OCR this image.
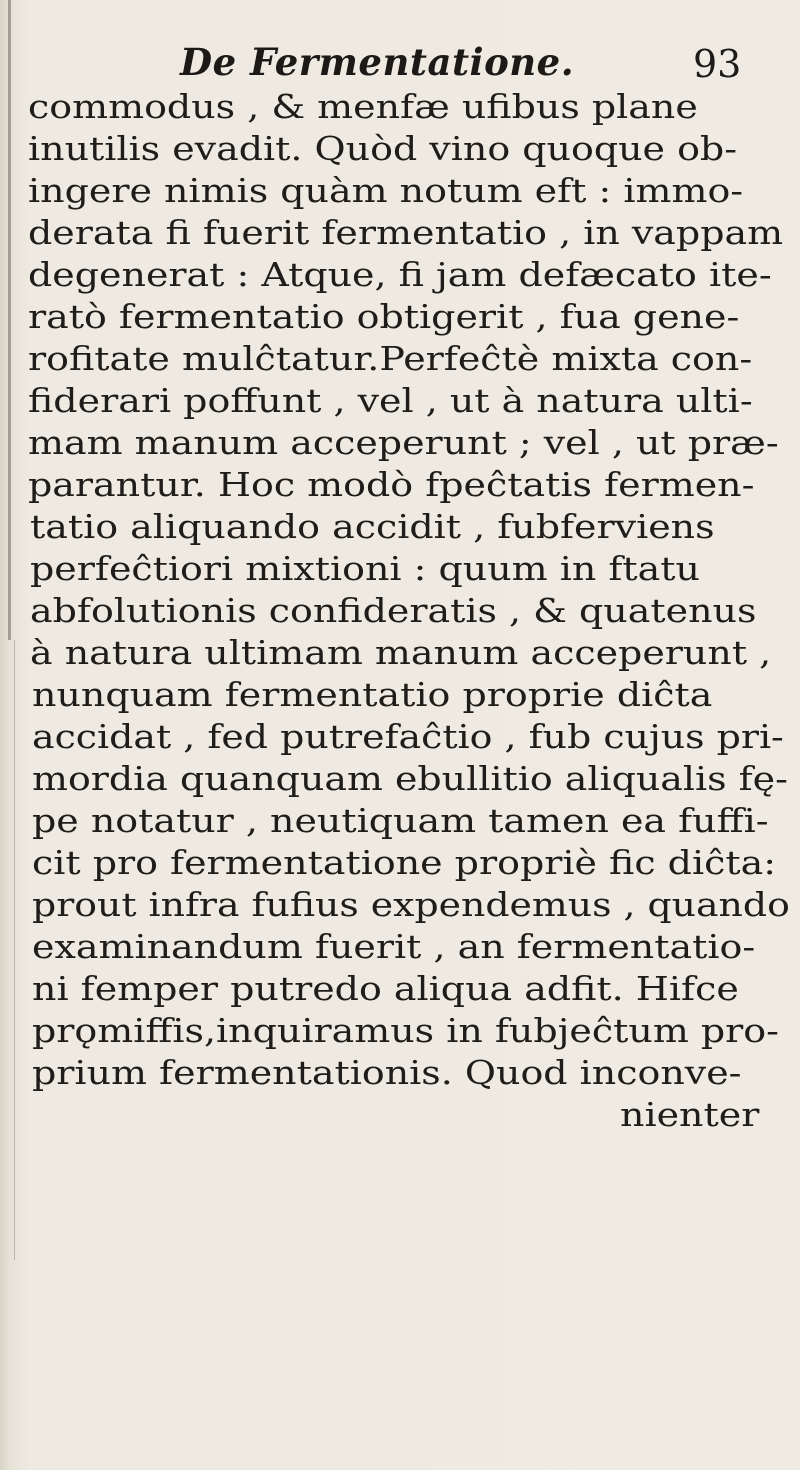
De Fermentatione.	93
commodus , & menfæ ufibus plane
inutilis evadit. Quòd vino quoque ob-
ingere nimis quàm notum eft : immo-
derata fi fuerit fermentatio , in vappam
degenerat : Atque, fi jam defæcato ite-
ratò fermentatio obtigerit , fua gene-
rofitate mulĉtatur.Perfeĉtè mixta con-
fiderari poffunt , vel , ut à natura ulti-
mam manum acceperunt ; vel , ut præ-
parantur. Hoc modò fpeĉtatis fermen-
tatio aliquando accidit , fubferviens
perfeĉtiori mixtioni : quum in ftatu
abfolutionis confideratis , & quatenus
à natura ultimam manum acceperunt ,
nunquam fermentatio proprie diĉta
accidat , fed putrefaĉtio , fub cujus pri-
mordia quanquam ebullitio aliqualis fę-
pe notatur , neutiquam tamen ea fuffi-
cit pro fermentatione propriè fic diĉta:
prout infra fufius expendemus , quando
examinandum fuerit , an fermentatio-
ni femper putredo aliqua adfit. Hifce
prǫmiffis,inquiramus in fubjeĉtum pro-
prium fermentationis. Quod inconve-
nienter
